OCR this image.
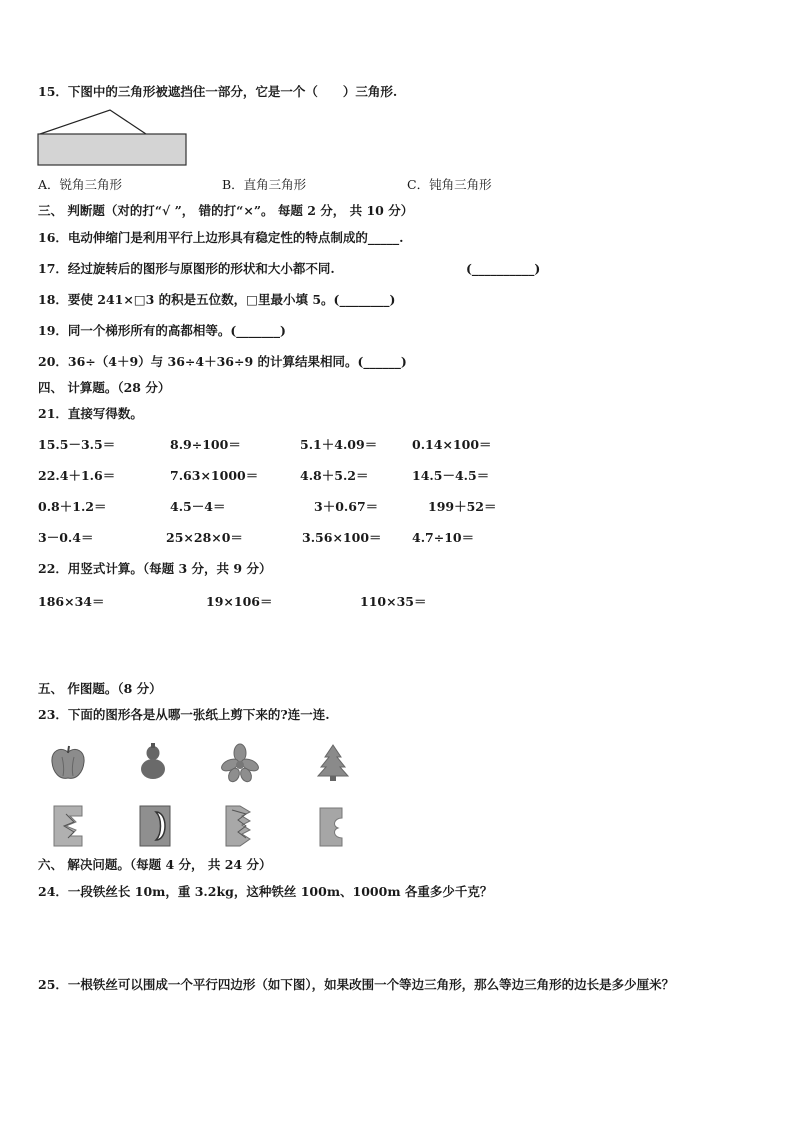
15．下图中的三角形被遮挡住一部分，它是一个（　　）三角形.
A．锐角三角形	B．直角三角形	C．钝角三角形
三、 判断题（对的打“√ ”， 错的打“×”。 每题 2 分， 共 10 分）
16．电动伸缩门是利用平行上边形具有稳定性的特点制成的_____.
17．经过旋转后的图形与原图形的形状和大小都不同.	(__________)
18．要使 241×□3 的积是五位数，□里最小填 5。(________)
19．同一个梯形所有的高都相等。(_______)
20．36÷（4＋9）与 36÷4＋36÷9 的计算结果相同。(______)
四、 计算题。（28 分）
21．直接写得数。
15.5－3.5＝	8.9÷100＝	5.1＋4.09＝	0.14×100＝
22.4＋1.6＝	7.63×1000＝	4.8＋5.2＝	14.5－4.5＝
0.8＋1.2＝	4.5－4＝	3＋0.67＝	199＋52＝
3－0.4＝	25×28×0＝	3.56×100＝ 4.7÷10＝
22．用竖式计算。（每题 3 分，共 9 分）
186×34＝	19×106＝	110×35＝
五、 作图题。（8 分）
23．下面的图形各是从哪一张纸上剪下来的?连一连.
六、 解决问题。（每题 4 分， 共 24 分）
24．一段铁丝长 10m，重 3.2kg，这种铁丝 100m、1000m 各重多少千克？
25．一根铁丝可以围成一个平行四边形（如下图），如果改围一个等边三角形，那么等边三角形的边长是多少厘米？
